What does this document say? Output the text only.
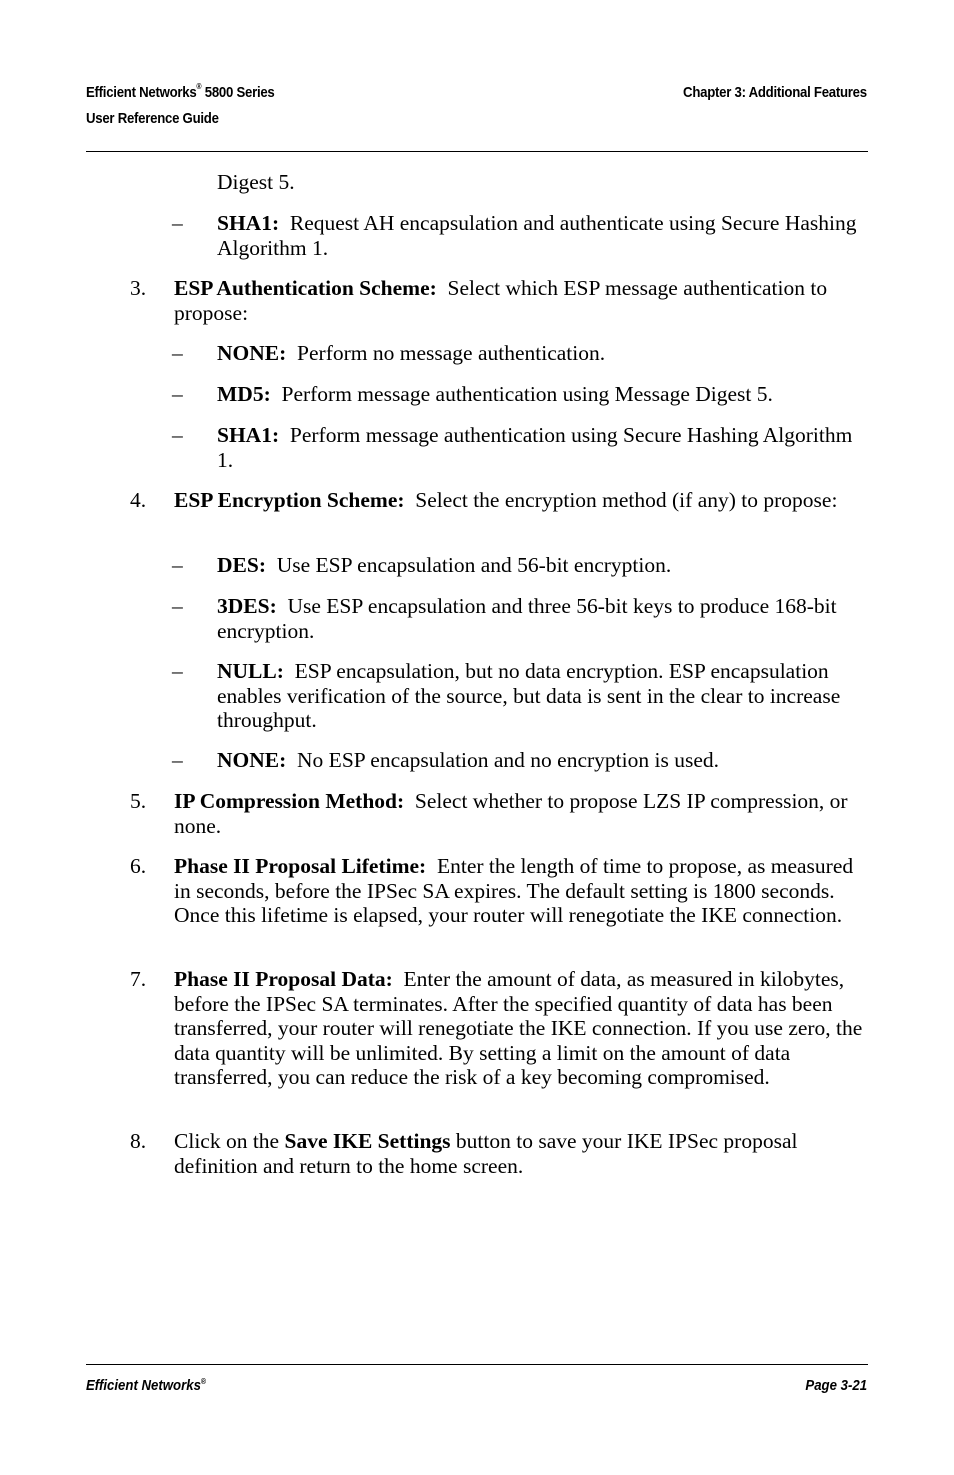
Efficient Networks® 5800 Series
User Reference Guide
Chapter 3: Additional Features
Digest 5.
– SHA1: Request AH encapsulation and authenticate using Secure Hashing Algorithm 1.
3. ESP Authentication Scheme: Select which ESP message authentication to propose:
– NONE: Perform no message authentication.
– MD5: Perform message authentication using Message Digest 5.
– SHA1: Perform message authentication using Secure Hashing Algorithm 1.
4. ESP Encryption Scheme: Select the encryption method (if any) to propose:
– DES: Use ESP encapsulation and 56-bit encryption.
– 3DES: Use ESP encapsulation and three 56-bit keys to produce 168-bit encryption.
– NULL: ESP encapsulation, but no data encryption. ESP encapsulation enables verification of the source, but data is sent in the clear to increase throughput.
– NONE: No ESP encapsulation and no encryption is used.
5. IP Compression Method: Select whether to propose LZS IP compression, or none.
6. Phase II Proposal Lifetime: Enter the length of time to propose, as measured in seconds, before the IPSec SA expires. The default setting is 1800 seconds. Once this lifetime is elapsed, your router will renegotiate the IKE connection.
7. Phase II Proposal Data: Enter the amount of data, as measured in kilobytes, before the IPSec SA terminates. After the specified quantity of data has been transferred, your router will renegotiate the IKE connection. If you use zero, the data quantity will be unlimited. By setting a limit on the amount of data transferred, you can reduce the risk of a key becoming compromised.
8. Click on the Save IKE Settings button to save your IKE IPSec proposal definition and return to the home screen.
Efficient Networks®	Page 3-21
